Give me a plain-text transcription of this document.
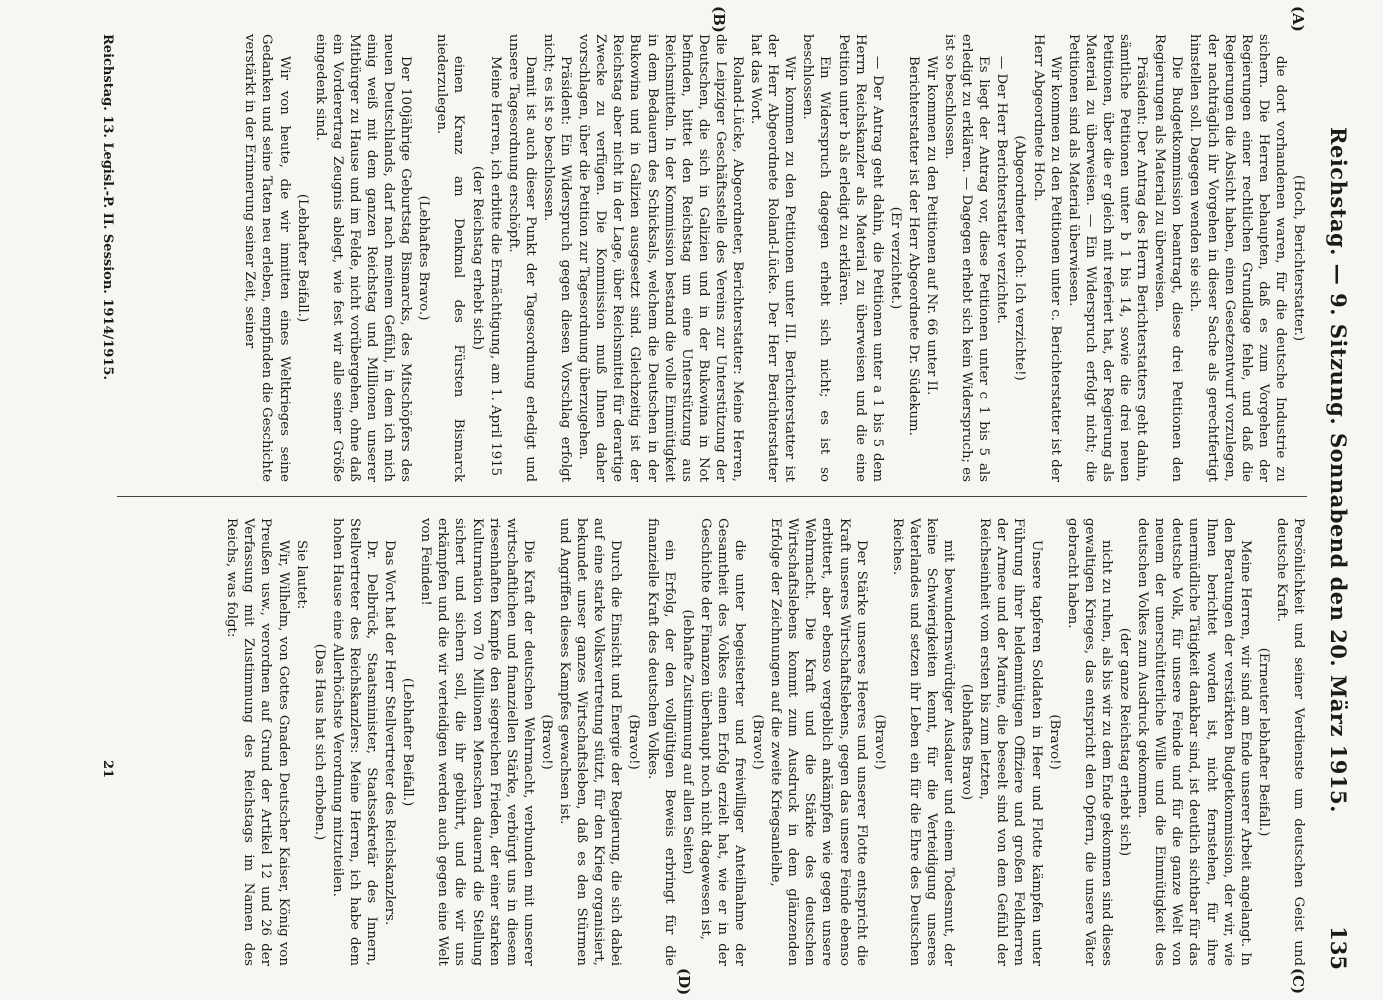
Reichstag. — 9. Sitzung. Sonnabend den 20. März 1915.
135
(A)
(B)
(C)
(D)

(Hoch, Berichterstatter.)

die dort vorhandenen waren, für die deutsche Industrie zu sichern. Die Herren behaupten, daß es zum Vorgehen der Regierungen einer rechtlichen Grundlage fehle, und daß die Regierungen die Absicht haben, einen Gesetzentwurf vorzulegen, der nachträglich ihr Vorgehen in dieser Sache als gerechtfertigt hinstellen soll. Dagegen wenden sie sich.

Die Budgetkommission beantragt, diese drei Petitionen den Regierungen als Material zu überweisen.

Präsident: Der Antrag des Herrn Berichterstatters geht dahin, sämtliche Petitionen unter b 1 bis 14, sowie die drei neuen Petitionen, über die er gleich mit referiert hat, der Regierung als Material zu überweisen. — Ein Widerspruch erfolgt nicht; die Petitionen sind als Material überwiesen.

Wir kommen zu den Petitionen unter c. Berichterstatter ist der Herr Abgeordnete Hoch.

(Abgeordneter Hoch: Ich verzichte!)

— Der Herr Berichterstatter verzichtet.

Es liegt der Antrag vor, diese Petitionen unter c 1 bis 5 als erledigt zu erklären. — Dagegen erhebt sich kein Widerspruch; es ist so beschlossen.

Wir kommen zu den Petitionen auf Nr. 66 unter II.

Berichterstatter ist der Herr Abgeordnete Dr. Südekum.

(Er verzichtet.)

— Der Antrag geht dahin, die Petitionen unter a 1 bis 5 dem Herrn Reichskanzler als Material zu überweisen und die eine Petition unter b als erledigt zu erklären.

Ein Widerspruch dagegen erhebt sich nicht; es ist so beschlossen.

Wir kommen zu den Petitionen unter III. Berichterstatter ist der Herr Abgeordnete Roland-Lücke. Der Herr Berichterstatter hat das Wort.

Roland-Lücke, Abgeordneter, Berichterstatter: Meine Herren, die Leipziger Geschäftsstelle des Vereins zur Unterstützung der Deutschen, die sich in Galizien und in der Bukowina in Not befinden, bittet den Reichstag um eine Unterstützung aus Reichsmitteln. In der Kommission bestand die volle Einmütigkeit in dem Bedauern des Schicksals, welchem die Deutschen in der Bukowina und in Galizien ausgesetzt sind. Gleichzeitig ist der Reichstag aber nicht in der Lage, über Reichsmittel für derartige Zwecke zu verfügen. Die Kommission muß Ihnen daher vorschlagen, über die Petition zur Tagesordnung überzugehen.

Präsident: Ein Widerspruch gegen diesen Vorschlag erfolgt nicht; es ist so beschlossen.

Damit ist auch dieser Punkt der Tagesordnung erledigt und unsere Tagesordnung erschöpft.

Meine Herren, ich erbitte die Ermächtigung, am 1. April 1915

(der Reichstag erhebt sich)

einen Kranz am Denkmal des Fürsten Bismarck niederzulegen.

(Lebhaftes Bravo.)

Der 100jährige Geburtstag Bismarcks, des Mitschöpfers des neuen Deutschlands, darf nach meinem Gefühl, in dem ich mich einig weiß mit dem ganzen Reichstag und Millionen unserer Mitbürger zu Hause und im Felde, nicht vorübergehen, ohne daß ein Vorderertrag Zeugnis ablegt, wie fest wir alle seiner Größe eingedenk sind.

(Lebhafter Beifall.)

Wir von heute, die wir inmitten eines Weltkrieges seine Gedanken und seine Taten neu erleben, empfinden die Geschichte verstärkt in der Erinnerung seiner Zeit, seiner

Persönlichkeit und seiner Verdienste um deutschen Geist und deutsche Kraft.

(Erneuter lebhafter Beifall.)

Meine Herren, wir sind am Ende unserer Arbeit angelangt. In den Beratungen der verstärkten Budgetkommission, der wir, wie Ihnen berichtet worden ist, nicht fernstehen, für ihre unermüdliche Tätigkeit dankbar sind, ist deutlich sichtbar für das deutsche Volk, für unsere Feinde und für die ganze Welt von neuem der unerschütterliche Wille und die Einmütigkeit des deutschen Volkes zum Ausdruck gekommen.

(der ganze Reichstag erhebt sich)

nicht zu ruhen, als bis wir zu dem Ende gekommen sind dieses gewaltigen Krieges, das entspricht den Opfern, die unsere Väter gebracht haben.

(Bravo!)

Unsere tapferen Soldaten in Heer und Flotte kämpfen unter Führung ihrer heldenmütigen Offiziere und großen Feldherren der Armee und der Marine, die beseelt sind von dem Gefühl der Reichseinheit vom ersten bis zum letzten,

(lebhaftes Bravo)

mit bewundernswürdiger Ausdauer und einem Todesmut, der keine Schwierigkeiten kennt, für die Verteidigung unseres Vaterlandes und setzen ihr Leben ein für die Ehre des Deutschen Reiches.

(Bravo!)

Der Stärke unseres Heeres und unserer Flotte entspricht die Kraft unseres Wirtschaftslebens, gegen das unsere Feinde ebenso erbittert, aber ebenso vergeblich ankämpfen wie gegen unsere Wehrmacht. Die Kraft und die Stärke des deutschen Wirtschaftslebens kommt zum Ausdruck in dem glänzenden Erfolge der Zeichnungen auf die zweite Kriegsanleihe,

(Bravo!)

die unter begeisterter und freiwilliger Anteilnahme der Gesamtheit des Volkes einen Erfolg erzielt hat, wie er in der Geschichte der Finanzen überhaupt noch nicht dagewesen ist,

(lebhafte Zustimmung auf allen Seiten)

ein Erfolg, der den vollgültigen Beweis erbringt für die finanzielle Kraft des deutschen Volkes.

(Bravo!)

Durch die Einsicht und Energie der Regierung, die sich dabei auf eine starke Volksvertretung stützt, für den Krieg organisiert, bekundet unser ganzes Wirtschaftsleben, daß es den Stürmen und Angriffen dieses Kampfes gewachsen ist.

(Bravo!)

Die Kraft der deutschen Wehrmacht, verbunden mit unserer wirtschaftlichen und finanziellen Stärke, verbürgt uns in diesem riesenhaften Kampfe den siegreichen Frieden, der einer starken Kulturnation von 70 Millionen Menschen dauernd die Stellung sichert und sichern soll, die ihr gebührt, und die wir uns erkämpfen und die wir verteidigen werden auch gegen eine Welt von Feinden!

(Lebhafter Beifall.)

Das Wort hat der Herr Stellvertreter des Reichskanzlers.

Dr. Delbrück, Staatsminister, Staatssekretär des Innern, Stellvertreter des Reichskanzlers: Meine Herren, ich habe dem hohen Hause eine Allerhöchste Verordnung mitzuteilen.

(Das Haus hat sich erhoben.)

Sie lautet:

Wir, Wilhelm, von Gottes Gnaden Deutscher Kaiser, König von Preußen usw., verordnen auf Grund der Artikel 12 und 26 der Verfassung mit Zustimmung des Reichstags im Namen des Reichs, was folgt:

Reichstag. 13. Legisl.-P. II. Session. 1914/1915.
21
